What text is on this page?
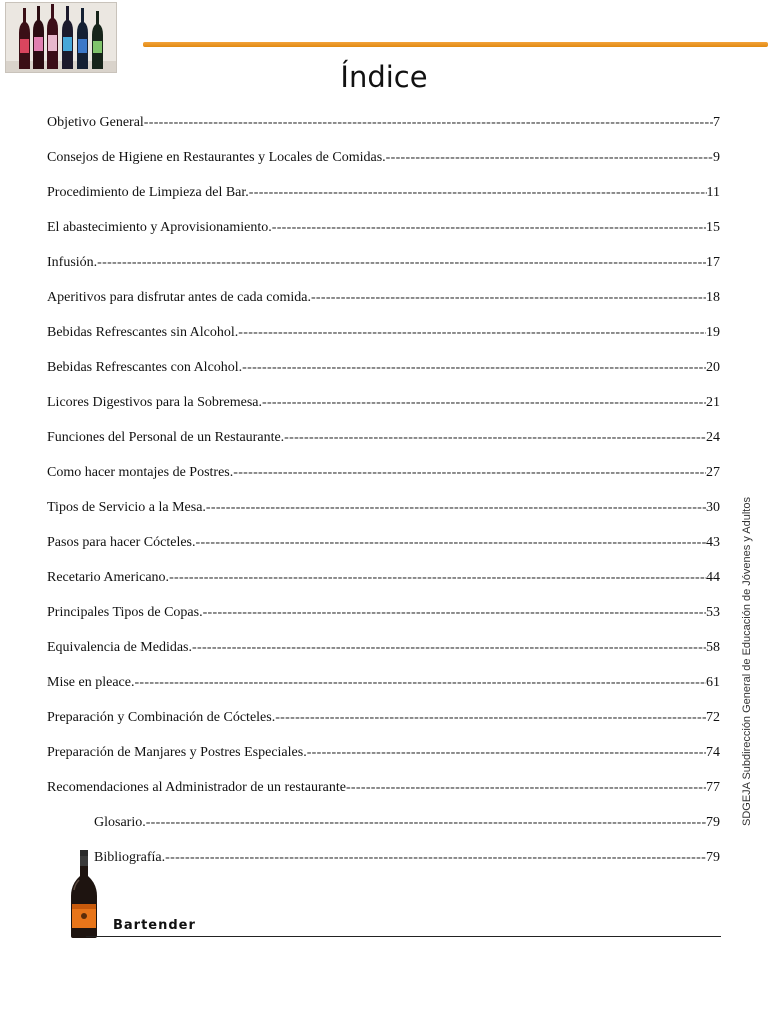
Índice
Objetivo General -----	7
Consejos de Higiene en Restaurantes y Locales de Comidas. -----	9
Procedimiento de Limpieza del Bar. -----	11
El abastecimiento y Aprovisionamiento. -----	15
Infusión. -----	17
Aperitivos para disfrutar antes de cada comida. -----	18
Bebidas Refrescantes sin Alcohol. -----	19
Bebidas Refrescantes con Alcohol. -----	20
Licores Digestivos para la Sobremesa. -----	21
Funciones del Personal de un Restaurante. -----	24
Como hacer montajes de Postres. -----	27
Tipos de Servicio a la Mesa. -----	30
Pasos para hacer Cócteles. -----	43
Recetario Americano. -----	44
Principales Tipos de Copas. -----	53
Equivalencia de Medidas. -----	58
Mise en pleace. -----	61
Preparación y Combinación de Cócteles. -----	72
Preparación de Manjares y Postres Especiales. -----	74
Recomendaciones al Administrador de un restaurante -----	77
Glosario. -----	79
Bibliografía. -----	79
SDGEJA Subdirección General de Educación de Jóvenes y Adultos
Bartender
